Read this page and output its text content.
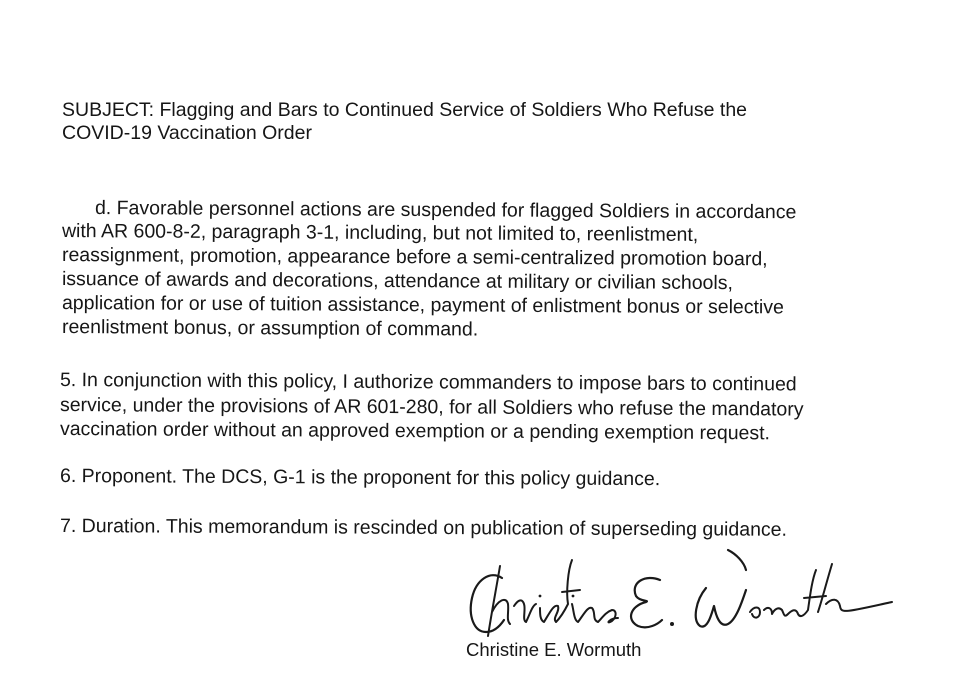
SUBJECT: Flagging and Bars to Continued Service of Soldiers Who Refuse the

COVID-19 Vaccination Order

d. Favorable personnel actions are suspended for flagged Soldiers in accordance

with AR 600-8-2, paragraph 3-1, including, but not limited to, reenlistment,

reassignment, promotion, appearance before a semi-centralized promotion board,

issuance of awards and decorations, attendance at military or civilian schools,

application for or use of tuition assistance, payment of enlistment bonus or selective

reenlistment bonus, or assumption of command.

5. In conjunction with this policy, I authorize commanders to impose bars to continued

service, under the provisions of AR 601-280, for all Soldiers who refuse the mandatory

vaccination order without an approved exemption or a pending exemption request.

6. Proponent. The DCS, G-1 is the proponent for this policy guidance.

7. Duration. This memorandum is rescinded on publication of superseding guidance.

Christine E. Wormuth
